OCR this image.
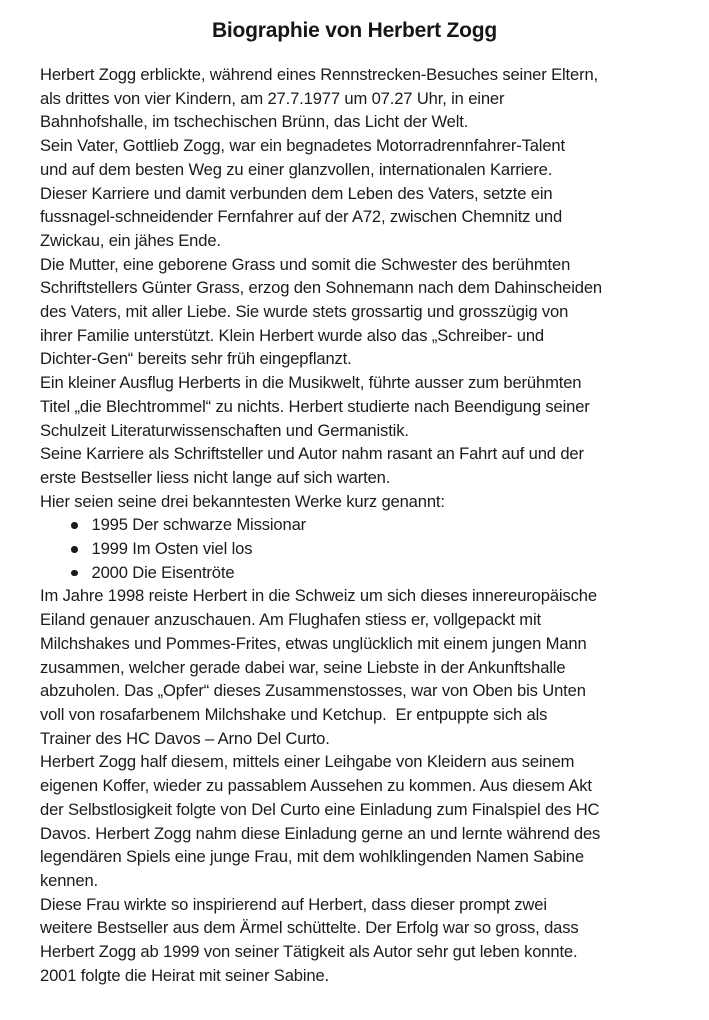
Biographie von Herbert Zogg
Herbert Zogg erblickte, während eines Rennstrecken-Besuches seiner Eltern,
als drittes von vier Kindern, am 27.7.1977 um 07.27 Uhr, in einer
Bahnhofshalle, im tschechischen Brünn, das Licht der Welt.
Sein Vater, Gottlieb Zogg, war ein begnadetes Motorradrennfahrer-Talent
und auf dem besten Weg zu einer glanzvollen, internationalen Karriere.
Dieser Karriere und damit verbunden dem Leben des Vaters, setzte ein
fussnagel-schneidender Fernfahrer auf der A72, zwischen Chemnitz und
Zwickau, ein jähes Ende.
Die Mutter, eine geborene Grass und somit die Schwester des berühmten
Schriftstellers Günter Grass, erzog den Sohnemann nach dem Dahinscheiden
des Vaters, mit aller Liebe. Sie wurde stets grossartig und grosszügig von
ihrer Familie unterstützt. Klein Herbert wurde also das „Schreiber- und
Dichter-Gen“ bereits sehr früh eingepflanzt.
Ein kleiner Ausflug Herberts in die Musikwelt, führte ausser zum berühmten
Titel „die Blechtrommel“ zu nichts. Herbert studierte nach Beendigung seiner
Schulzeit Literaturwissenschaften und Germanistik.
Seine Karriere als Schriftsteller und Autor nahm rasant an Fahrt auf und der
erste Bestseller liess nicht lange auf sich warten.
Hier seien seine drei bekanntesten Werke kurz genannt:
1995 Der schwarze Missionar
1999 Im Osten viel los
2000 Die Eisentröte
Im Jahre 1998 reiste Herbert in die Schweiz um sich dieses innereuropäische
Eiland genauer anzuschauen. Am Flughafen stiess er, vollgepackt mit
Milchshakes und Pommes-Frites, etwas unglücklich mit einem jungen Mann
zusammen, welcher gerade dabei war, seine Liebste in der Ankunftshalle
abzuholen. Das „Opfer“ dieses Zusammenstosses, war von Oben bis Unten
voll von rosafarbenem Milchshake und Ketchup.  Er entpuppte sich als
Trainer des HC Davos – Arno Del Curto.
Herbert Zogg half diesem, mittels einer Leihgabe von Kleidern aus seinem
eigenen Koffer, wieder zu passablem Aussehen zu kommen. Aus diesem Akt
der Selbstlosigkeit folgte von Del Curto eine Einladung zum Finalspiel des HC
Davos. Herbert Zogg nahm diese Einladung gerne an und lernte während des
legendären Spiels eine junge Frau, mit dem wohlklingenden Namen Sabine
kennen.
Diese Frau wirkte so inspirierend auf Herbert, dass dieser prompt zwei
weitere Bestseller aus dem Ärmel schüttelte. Der Erfolg war so gross, dass
Herbert Zogg ab 1999 von seiner Tätigkeit als Autor sehr gut leben konnte.
2001 folgte die Heirat mit seiner Sabine.
